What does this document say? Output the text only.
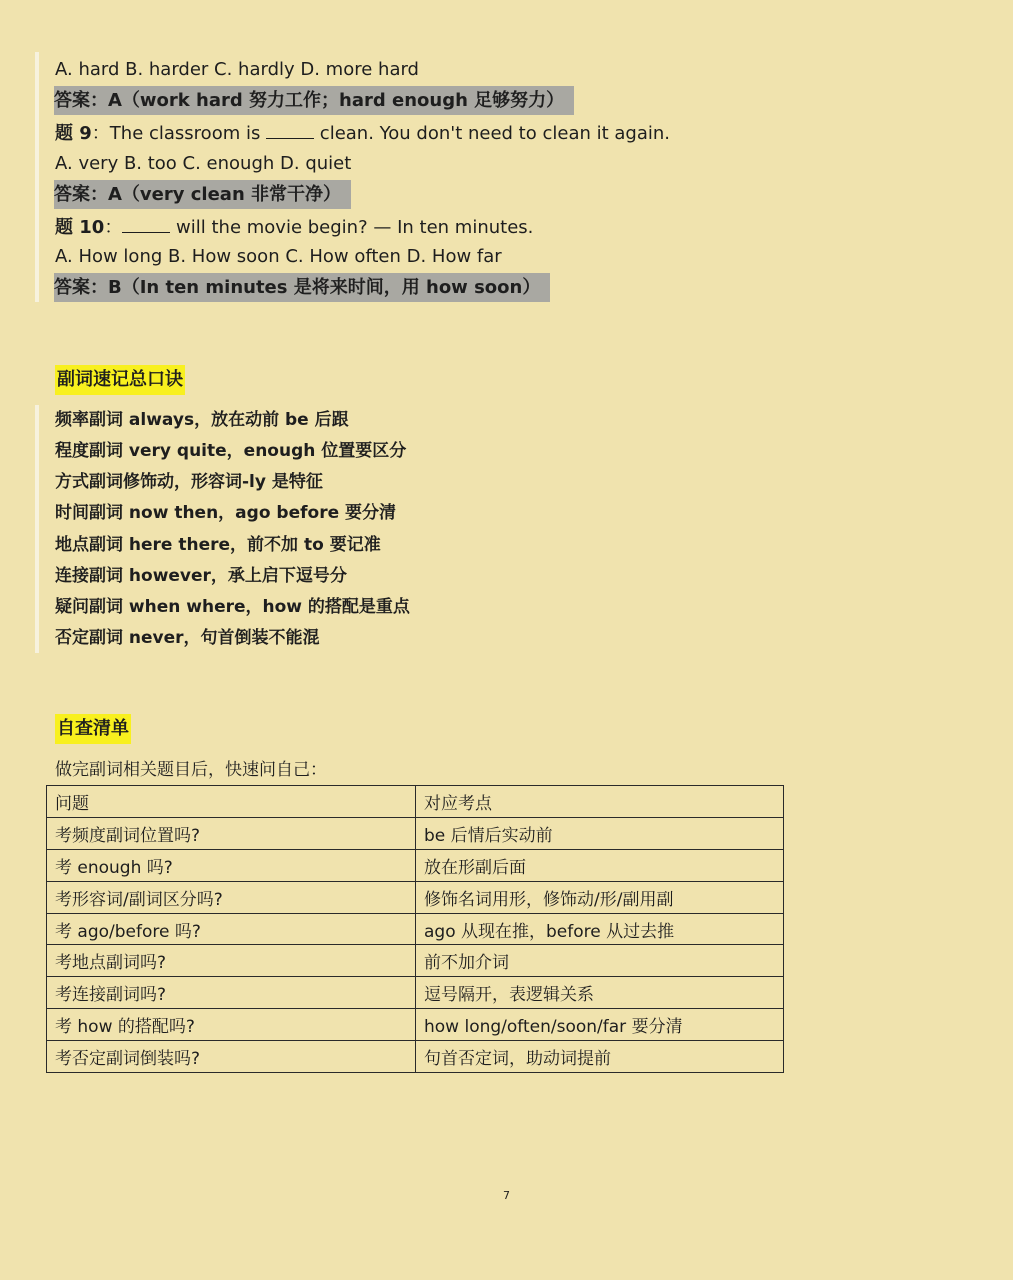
A. hard B. harder C. hardly D. more hard
答案：A（work hard 努力工作；hard enough 足够努力）
题 9：The classroom is	clean. You don't need to clean it again.
A. very B. too C. enough D. quiet
答案：A（very clean 非常干净）
题 10：	will the movie begin? — In ten minutes.
A. How long B. How soon C. How often D. How far
答案：B（In ten minutes 是将来时间，用 how soon）
副词速记总口诀
频率副词 always，放在动前 be 后跟
程度副词 very quite，enough 位置要区分
方式副词修饰动，形容词-ly 是特征
时间副词 now then，ago before 要分清
地点副词 here there，前不加 to 要记准
连接副词 however，承上启下逗号分
疑问副词 when where，how 的搭配是重点
否定副词 never，句首倒装不能混
自查清单
做完副词相关题目后，快速问自己：
问题	对应考点
考频度副词位置吗?	be 后情后实动前
考 enough 吗?	放在形副后面
考形容词/副词区分吗?	修饰名词用形，修饰动/形/副用副
考 ago/before 吗?	ago 从现在推，before 从过去推
考地点副词吗?	前不加介词
考连接副词吗?	逗号隔开，表逻辑关系
考 how 的搭配吗?	how long/often/soon/far 要分清
考否定副词倒装吗?	句首否定词，助动词提前
7
